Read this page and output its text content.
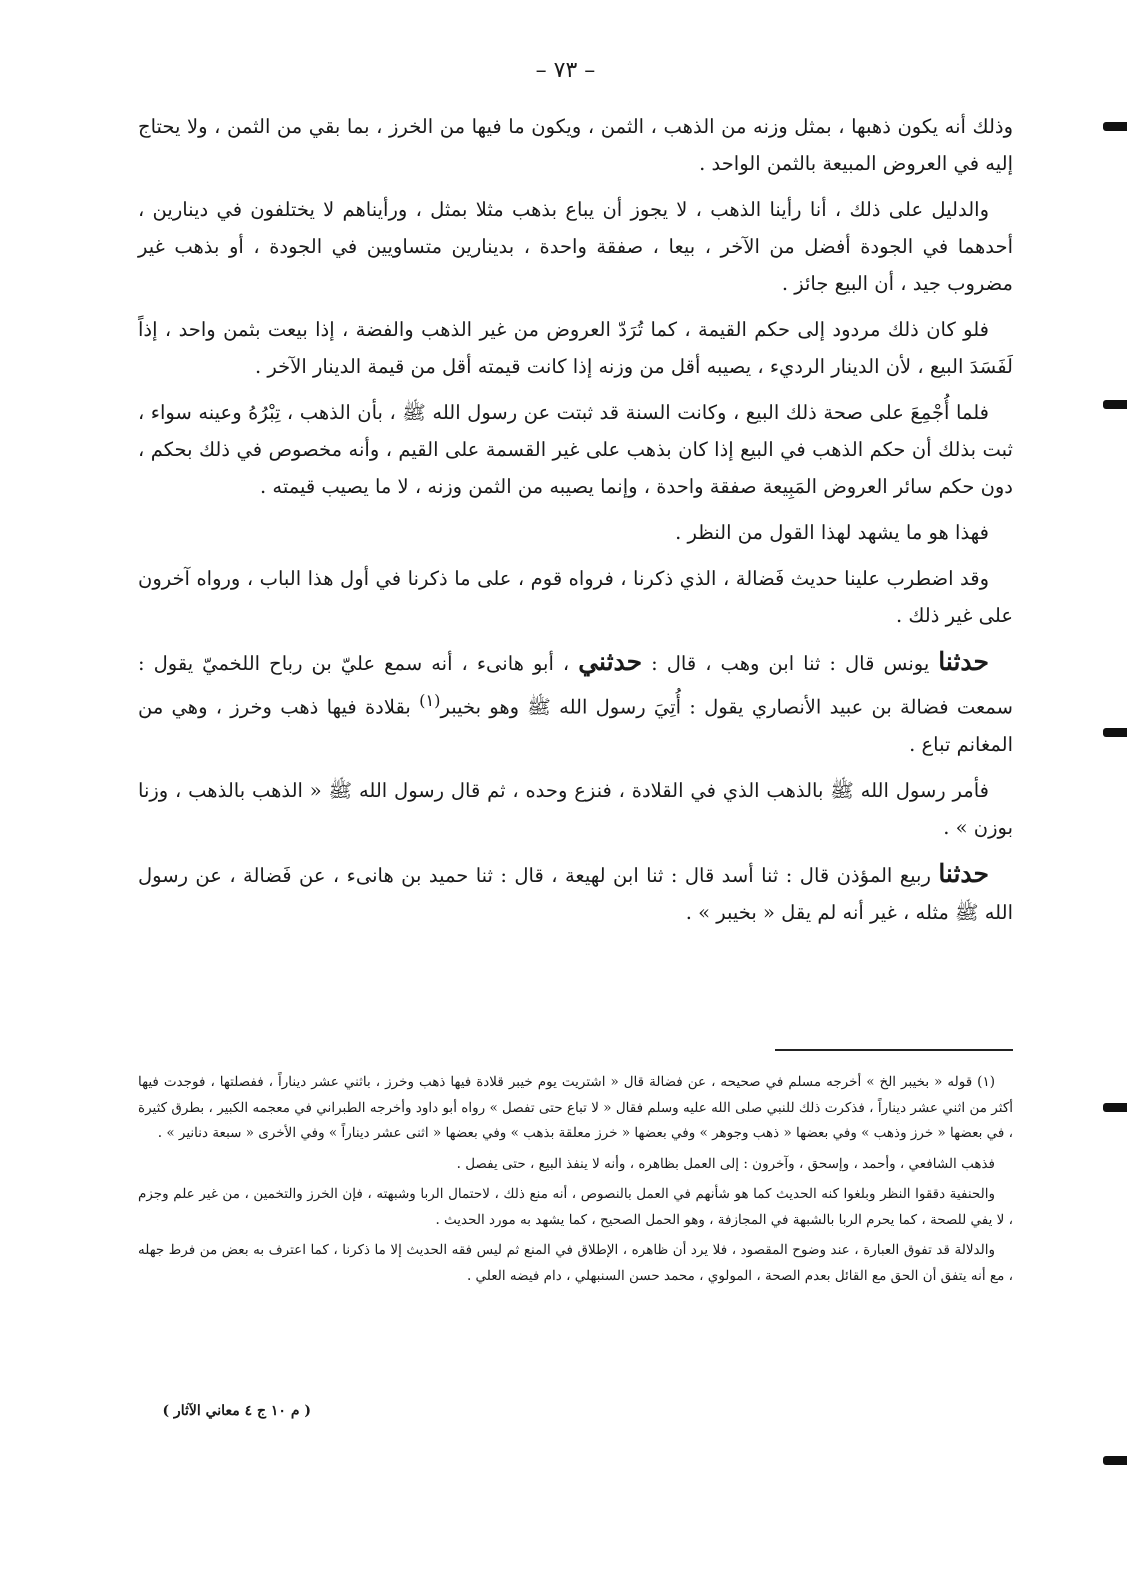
– ٧٣ –

وذلك أنه يكون ذهبها ، بمثل وزنه من الذهب ، الثمن ، ويكون ما فيها من الخرز ، بما بقي من الثمن ، ولا يحتاج إليه في العروض المبيعة بالثمن الواحد .

والدليل على ذلك ، أنا رأينا الذهب ، لا يجوز أن يباع بذهب مثلا بمثل ، ورأيناهم لا يختلفون في دينارين ، أحدهما في الجودة أفضل من الآخر ، بيعا ، صفقة واحدة ، بدينارين متساويين في الجودة ، أو بذهب غير مضروب جيد ، أن البيع جائز .

فلو كان ذلك مردود إلى حكم القيمة ، كما تُرَدّ العروض من غير الذهب والفضة ، إذا بيعت بثمن واحد ، إذاً لَفَسَدَ البيع ، لأن الدينار الرديء ، يصيبه أقل من وزنه إذا كانت قيمته أقل من قيمة الدينار الآخر .

فلما أُجْمِعَ على صحة ذلك البيع ، وكانت السنة قد ثبتت عن رسول الله ﷺ ، بأن الذهب ، تِبْرُهُ وعينه سواء ، ثبت بذلك أن حكم الذهب في البيع إذا كان بذهب على غير القسمة على القيم ، وأنه مخصوص في ذلك بحكم ، دون حكم سائر العروض المَبِيعة صفقة واحدة ، وإنما يصيبه من الثمن وزنه ، لا ما يصيب قيمته .

فهذا هو ما يشهد لهذا القول من النظر .

وقد اضطرب علينا حديث فَضالة ، الذي ذكرنا ، فرواه قوم ، على ما ذكرنا في أول هذا الباب ، ورواه آخرون على غير ذلك .

حدثنا يونس قال : ثنا ابن وهب ، قال : حدثني ، أبو هانىء ، أنه سمع عليّ بن رباح اللخميّ يقول : سمعت فضالة بن عبيد الأنصاري يقول : أُتِيَ رسول الله ﷺ وهو بخيبر$^{(١)}$ بقلادة فيها ذهب وخرز ، وهي من المغانم تباع .

فأمر رسول الله ﷺ بالذهب الذي في القلادة ، فنزع وحده ، ثم قال رسول الله ﷺ « الذهب بالذهب ، وزنا بوزن » .

حدثنا ربيع المؤذن قال : ثنا أسد قال : ثنا ابن لهيعة ، قال : ثنا حميد بن هانىء ، عن فَضالة ، عن رسول الله ﷺ مثله ، غير أنه لم يقل « بخيبر » .

(١) قوله « بخيبر الخ » أخرجه مسلم في صحيحه ، عن فضالة قال « اشتريت يوم خيبر قلادة فيها ذهب وخرز ، باثني عشر ديناراً ، ففصلتها ، فوجدت فيها أكثر من اثني عشر ديناراً ، فذكرت ذلك للنبي صلى الله عليه وسلم فقال « لا تباع حتى تفصل » رواه أبو داود وأخرجه الطبراني في معجمه الكبير ، بطرق كثيرة ، في بعضها « خرز وذهب » وفي بعضها « ذهب وجوهر » وفي بعضها « خرز معلقة بذهب » وفي بعضها « اثنى عشر ديناراً » وفي الأخرى « سبعة دنانير » .

فذهب الشافعي ، وأحمد ، وإسحق ، وآخرون : إلى العمل بظاهره ، وأنه لا ينفذ البيع ، حتى يفصل .

والحنفية دققوا النظر وبلغوا كنه الحديث كما هو شأنهم في العمل بالنصوص ، أنه منع ذلك ، لاحتمال الربا وشبهته ، فإن الخرز والتخمين ، من غير علم وجزم ، لا يفي للصحة ، كما يحرم الربا بالشبهة في المجازفة ، وهو الحمل الصحيح ، كما يشهد به مورد الحديث .

والدلالة قد تفوق العبارة ، عند وضوح المقصود ، فلا يرد أن ظاهره ، الإطلاق في المنع ثم ليس فقه الحديث إلا ما ذكرنا ، كما اعترف به بعض من فرط جهله ، مع أنه يتفق أن الحق مع القائل بعدم الصحة ، المولوي ، محمد حسن السنبهلي ، دام فيضه العلي .

( م ١٠ ج ٤ معاني الآثار )
